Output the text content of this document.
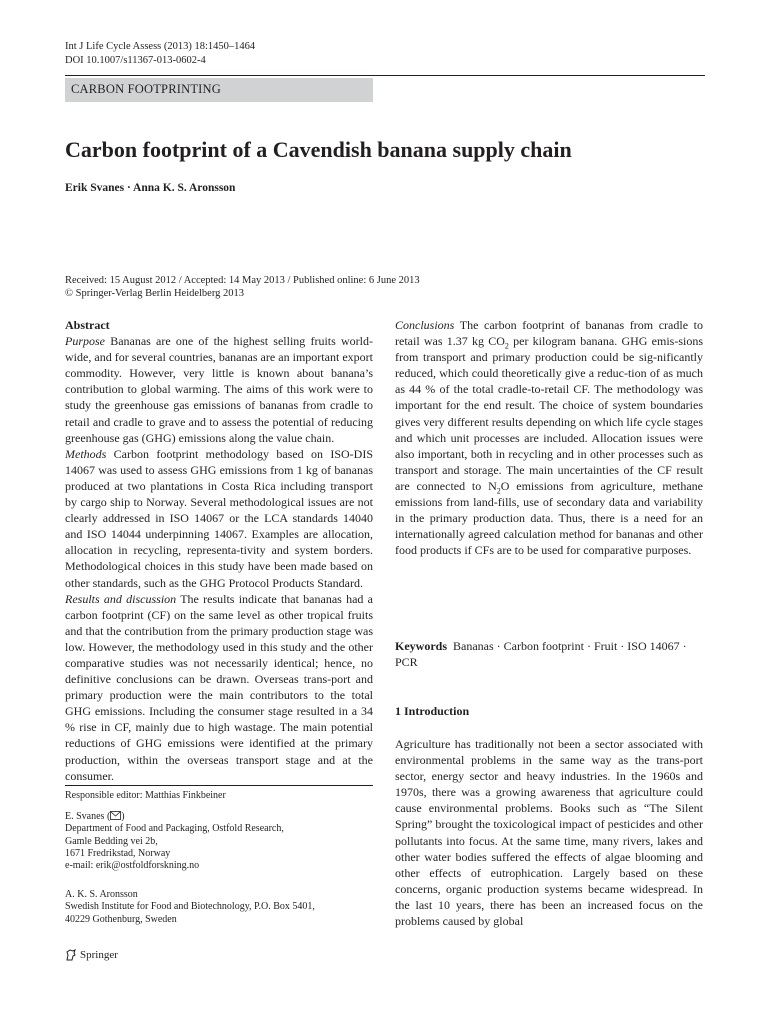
Int J Life Cycle Assess (2013) 18:1450–1464
DOI 10.1007/s11367-013-0602-4
CARBON FOOTPRINTING
Carbon footprint of a Cavendish banana supply chain
Erik Svanes · Anna K. S. Aronsson
Received: 15 August 2012 / Accepted: 14 May 2013 / Published online: 6 June 2013
© Springer-Verlag Berlin Heidelberg 2013

Abstract

Purpose Bananas are one of the highest selling fruits world-wide, and for several countries, bananas are an important export commodity. However, very little is known about banana’s contribution to global warming. The aims of this work were to study the greenhouse gas emissions of bananas from cradle to retail and cradle to grave and to assess the potential of reducing greenhouse gas (GHG) emissions along the value chain.

Methods Carbon footprint methodology based on ISO-DIS 14067 was used to assess GHG emissions from 1 kg of bananas produced at two plantations in Costa Rica including transport by cargo ship to Norway. Several methodological issues are not clearly addressed in ISO 14067 or the LCA standards 14040 and ISO 14044 underpinning 14067. Examples are allocation, allocation in recycling, representa-tivity and system borders. Methodological choices in this study have been made based on other standards, such as the GHG Protocol Products Standard.

Results and discussion The results indicate that bananas had a carbon footprint (CF) on the same level as other tropical fruits and that the contribution from the primary production stage was low. However, the methodology used in this study and the other comparative studies was not necessarily identical; hence, no definitive conclusions can be drawn. Overseas trans-port and primary production were the main contributors to the total GHG emissions. Including the consumer stage resulted in a 34 % rise in CF, mainly due to high wastage. The main potential reductions of GHG emissions were identified at the primary production, within the overseas transport stage and at the consumer.

Conclusions The carbon footprint of bananas from cradle to retail was 1.37 kg $CO_2$ per kilogram banana. GHG emis-sions from transport and primary production could be sig-nificantly reduced, which could theoretically give a reduc-tion of as much as 44 % of the total cradle-to-retail CF. The methodology was important for the end result. The choice of system boundaries gives very different results depending on which life cycle stages and which unit processes are included. Allocation issues were also important, both in recycling and in other processes such as transport and storage. The main uncertainties of the CF result are connected to $N_2O$ emissions from agriculture, methane emissions from land-fills, use of secondary data and variability in the primary production data. Thus, there is a need for an internationally agreed calculation method for bananas and other food products if CFs are to be used for comparative purposes.

Keywords Bananas · Carbon footprint · Fruit · ISO 14067 · PCR
1 Introduction
Agriculture has traditionally not been a sector associated with environmental problems in the same way as the trans-port sector, energy sector and heavy industries. In the 1960s and 1970s, there was a growing awareness that agriculture could cause environmental problems. Books such as “The Silent Spring” brought the toxicological impact of pesticides and other pollutants into focus. At the same time, many rivers, lakes and other water bodies suffered the effects of algae blooming and other effects of eutrophication. Largely based on these concerns, organic production systems became widespread. In the last 10 years, there has been an increased focus on the problems caused by global
Responsible editor: Matthias Finkbeiner
E. Svanes ( )
Department of Food and Packaging, Ostfold Research,
Gamle Bedding vei 2b,
1671 Fredrikstad, Norway
e-mail: erik@ostfoldforskning.no
A. K. S. Aronsson
Swedish Institute for Food and Biotechnology, P.O. Box 5401,
40229 Gothenburg, Sweden
Springer
